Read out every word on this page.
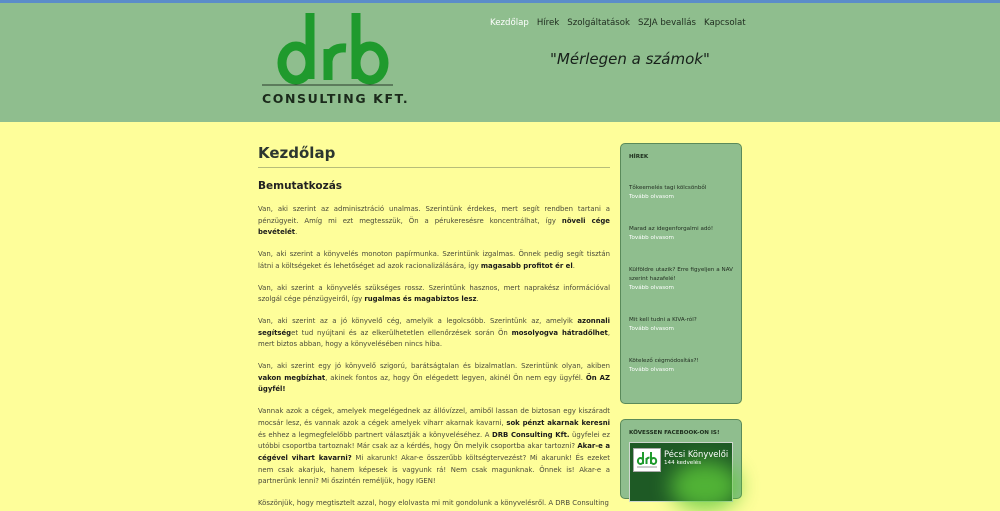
CONSULTING KFT.
Kezdőlap Hírek Szolgáltatások SZJA bevallás Kapcsolat
"Mérlegen a számok"
Kezdőlap
Bemutatkozás

Van, aki szerint az adminisztráció unalmas. Szerintünk érdekes, mert segít rendben tartani a pénzügyeit. Amíg mi ezt megtesszük, Ön a pérukeresésre koncentrálhat, így növeli cége bevételét.

Van, aki szerint a könyvelés monoton papírmunka. Szerintünk izgalmas. Önnek pedig segít tisztán látni a költségeket és lehetőséget ad azok racionalizálására, így magasabb profitot ér el.

Van, aki szerint a könyvelés szükséges rossz. Szerintünk hasznos, mert naprakész információval szolgál cége pénzügyeiről, így rugalmas és magabiztos lesz.

Van, aki szerint az a jó könyvelő cég, amelyik a legolcsóbb. Szerintünk az, amelyik azonnali segítséget tud nyújtani és az elkerülhetetlen ellenőrzések során Ön mosolyogva hátradőlhet, mert biztos abban, hogy a könyvelésében nincs hiba.

Van, aki szerint egy jó könyvelő szigorú, barátságtalan és bizalmatlan. Szerintünk olyan, akiben vakon megbízhat, akinek fontos az, hogy Ön elégedett legyen, akinél Ön nem egy ügyfél. Ön AZ ügyfél!

Vannak azok a cégek, amelyek megelégednek az állóvízzel, amiből lassan de biztosan egy kiszáradt mocsár lesz, és vannak azok a cégek amelyek viharr akarnak kavarni, sok pénzt akarnak keresni és ehhez a legmegfelelőbb partnert választják a könyveléséhez. A DRB Consulting Kft. ügyfelei ez utóbbi csoportba tartoznak! Már csak az a kérdés, hogy Ön melyik csoportba akar tartozni? Akar-e a cégével vihart kavarni? Mi akarunk! Akar-e összerűbb költségtervezést? Mi akarunk! És ezeket nem csak akarjuk, hanem képesek is vagyunk rá! Nem csak magunknak. Önnek is! Akar-e a partnerünk lenni? Mi őszintén reméljük, hogy IGEN!

Köszönjük, hogy megtisztelt azzal, hogy elolvasta mi mit gondolunk a könyvelésről. A DRB Consulting

HÍREK
Tőkeemelés tagi kölcsönből
Tovább olvasom
Marad az idegenforgalmi adó!
Tovább olvasom
Külföldre utazik? Erre figyeljen a NAV szerint hazafelé!
Tovább olvasom
Mit kell tudni a KIVA-ról?
Tovább olvasom
Kötelező cégmódosítás?!
Tovább olvasom
KÖVESSEN FACEBOOK-ON IS!
Pécsi Könyvelői
144 kedvelés
